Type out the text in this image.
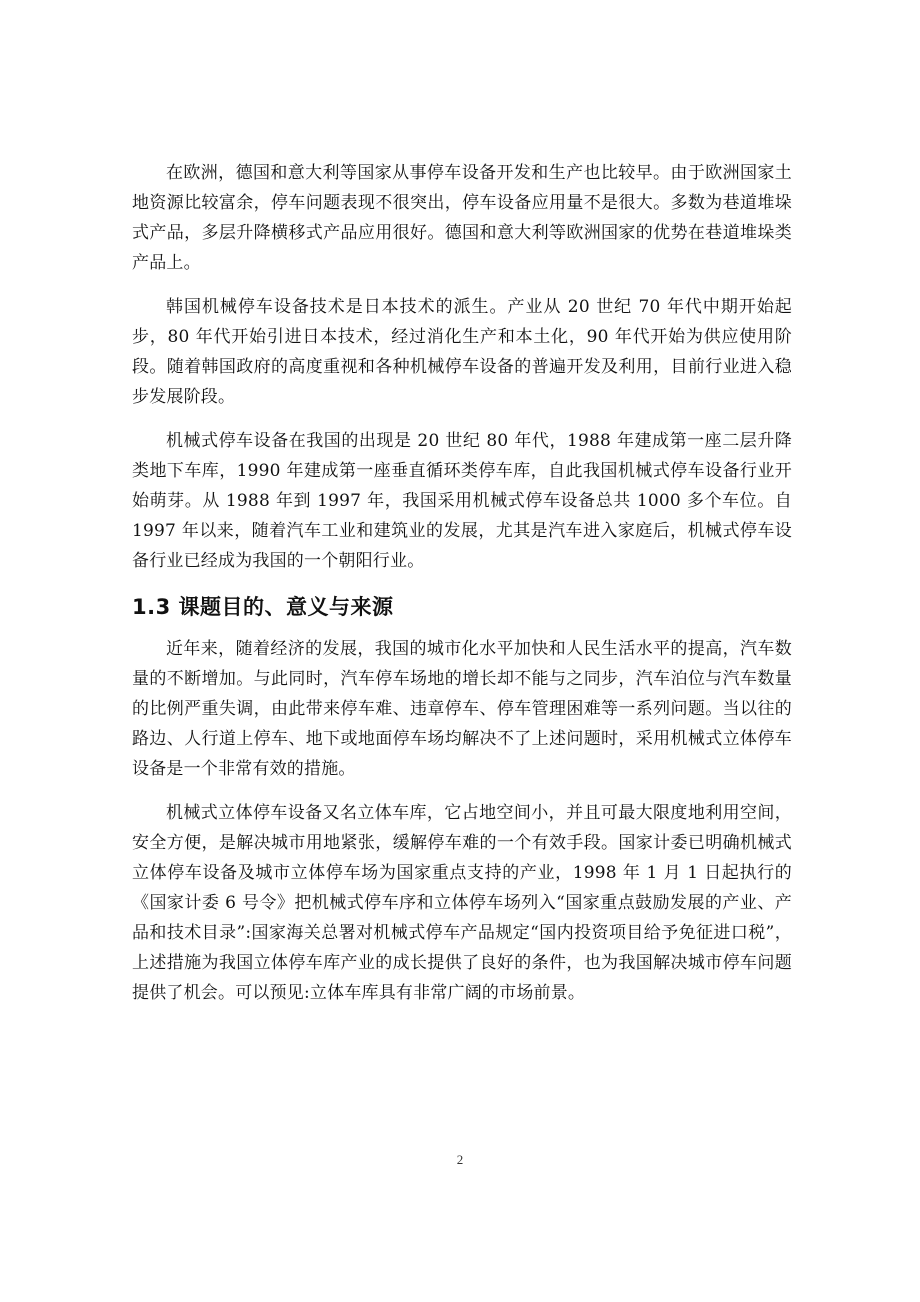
在欧洲，德国和意大利等国家从事停车设备开发和生产也比较早。由于欧洲国家土地资源比较富余，停车问题表现不很突出，停车设备应用量不是很大。多数为巷道堆垛式产品，多层升降横移式产品应用很好。德国和意大利等欧洲国家的优势在巷道堆垛类产品上。

韩国机械停车设备技术是日本技术的派生。产业从 20 世纪 70 年代中期开始起步，80 年代开始引进日本技术，经过消化生产和本土化，90 年代开始为供应使用阶段。随着韩国政府的高度重视和各种机械停车设备的普遍开发及利用，目前行业进入稳步发展阶段。

机械式停车设备在我国的出现是 20 世纪 80 年代，1988 年建成第一座二层升降类地下车库，1990 年建成第一座垂直循环类停车库，自此我国机械式停车设备行业开始萌芽。从 1988 年到 1997 年，我国采用机械式停车设备总共 1000 多个车位。自 1997 年以来，随着汽车工业和建筑业的发展，尤其是汽车进入家庭后，机械式停车设备行业已经成为我国的一个朝阳行业。

1.3 课题目的、意义与来源

近年来，随着经济的发展，我国的城市化水平加快和人民生活水平的提高，汽车数量的不断增加。与此同时，汽车停车场地的增长却不能与之同步，汽车泊位与汽车数量的比例严重失调，由此带来停车难、违章停车、停车管理困难等一系列问题。当以往的路边、人行道上停车、地下或地面停车场均解决不了上述问题时，采用机械式立体停车设备是一个非常有效的措施。

机械式立体停车设备又名立体车库，它占地空间小，并且可最大限度地利用空间，安全方便，是解决城市用地紧张，缓解停车难的一个有效手段。国家计委已明确机械式立体停车设备及城市立体停车场为国家重点支持的产业，1998 年 1 月 1 日起执行的《国家计委 6 号令》把机械式停车序和立体停车场列入“国家重点鼓励发展的产业、产品和技术目录”:国家海关总署对机械式停车产品规定“国内投资项目给予免征进口税”，上述措施为我国立体停车库产业的成长提供了良好的条件，也为我国解决城市停车问题提供了机会。可以预见:立体车库具有非常广阔的市场前景。

2
